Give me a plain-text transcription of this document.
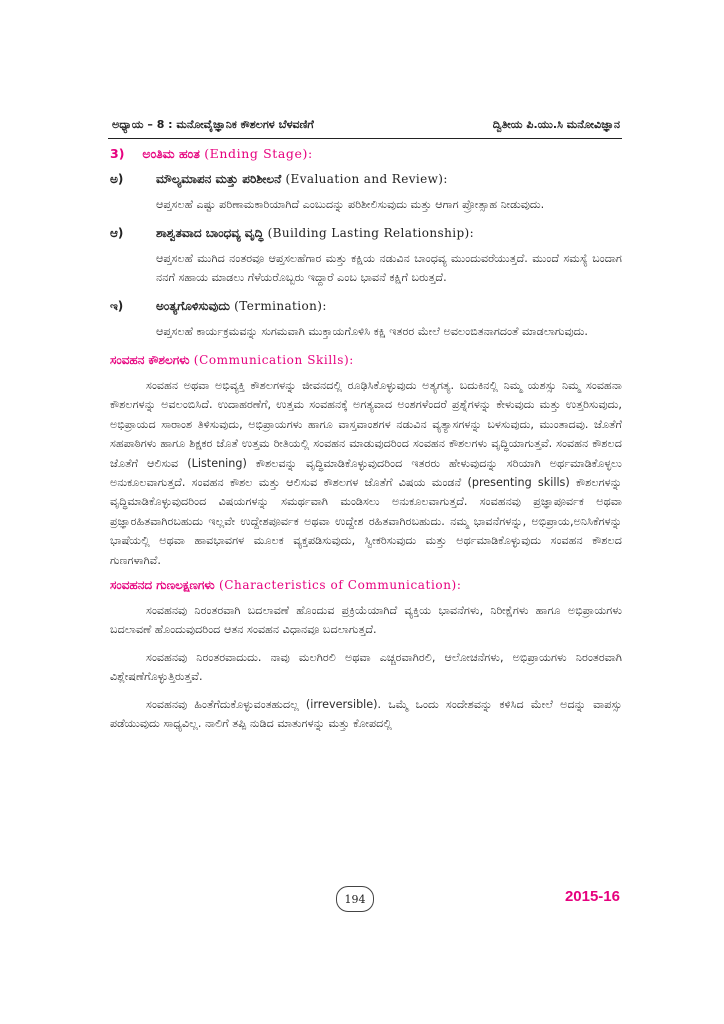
ಅಧ್ಯಾಯ – 8 : ಮನೋವೈಜ್ಞಾನಿಕ ಕೌಶಲಗಳ ಬೆಳವಣಿಗೆ	ದ್ವಿತೀಯ ಪಿ.ಯು.ಸಿ ಮನೋವಿಜ್ಞಾನ
3) ಅಂತಿಮ ಹಂತ (Ending Stage):
ಅ)	ಮೌಲ್ಯಮಾಪನ ಮತ್ತು ಪರಿಶೀಲನೆ (Evaluation and Review):
ಆಪ್ತಸಲಹೆ ಎಷ್ಟು ಪರಿಣಾಮಕಾರಿಯಾಗಿದೆ ಎಂಬುದನ್ನು ಪರಿಶೀಲಿಸುವುದು ಮತ್ತು ಆಗಾಗ ಪ್ರೋತ್ಸಾಹ ನೀಡುವುದು.
ಆ)	ಶಾಶ್ವತವಾದ ಬಾಂಧವ್ಯ ವೃದ್ಧಿ (Building Lasting Relationship):
ಆಪ್ತಸಲಹೆ ಮುಗಿದ ನಂತರವೂ ಆಪ್ತಸಲಹೆಗಾರ ಮತ್ತು ಕಕ್ಷಿಯ ನಡುವಿನ ಬಾಂಧವ್ಯ ಮುಂದುವರೆಯುತ್ತದೆ. ಮುಂದೆ ಸಮಸ್ಯೆ ಬಂದಾಗ ನನಗೆ ಸಹಾಯ ಮಾಡಲು ಗೆಳೆಯರೊಬ್ಬರು ಇದ್ದಾರೆ ಎಂಬ ಭಾವನೆ ಕಕ್ಷಿಗೆ ಬರುತ್ತದೆ.
ಇ)	ಅಂತ್ಯಗೊಳಿಸುವುದು (Termination):
ಆಪ್ತಸಲಹೆ ಕಾರ್ಯಕ್ರಮವನ್ನು ಸುಗಮವಾಗಿ ಮುಕ್ತಾಯಗೊಳಿಸಿ ಕಕ್ಷಿ ಇತರರ ಮೇಲೆ ಅವಲಂಬಿತನಾಗದಂತೆ ಮಾಡಲಾಗುವುದು.
ಸಂವಹನ ಕೌಶಲಗಳು (Communication Skills):

ಸಂವಹನ ಅಥವಾ ಅಭಿವ್ಯಕ್ತಿ ಕೌಶಲಗಳನ್ನು ಜೀವನದಲ್ಲಿ ರೂಢಿಸಿಕೊಳ್ಳುವುದು ಅತ್ಯಗತ್ಯ. ಬದುಕಿನಲ್ಲಿ ನಿಮ್ಮ ಯಶಸ್ಸು ನಿಮ್ಮ ಸಂವಹನಾ ಕೌಶಲಗಳನ್ನು ಅವಲಂಬಿಸಿದೆ. ಉದಾಹರಣೆಗೆ, ಉತ್ತಮ ಸಂವಹನಕ್ಕೆ ಅಗತ್ಯವಾದ ಅಂಶಗಳೆಂದರೆ ಪ್ರಶ್ನೆಗಳನ್ನು ಕೇಳುವುದು ಮತ್ತು ಉತ್ತರಿಸುವುದು, ಅಭಿಪ್ರಾಯದ ಸಾರಾಂಶ ತಿಳಿಸುವುದು, ಅಭಿಪ್ರಾಯಗಳು ಹಾಗೂ ವಾಸ್ತವಾಂಶಗಳ ನಡುವಿನ ವ್ಯತ್ಯಾಸಗಳನ್ನು ಬಳಸುವುದು, ಮುಂತಾದವು. ಜೊತೆಗೆ ಸಹಪಾಠಿಗಳು ಹಾಗೂ ಶಿಕ್ಷಕರ ಜೊತೆ ಉತ್ತಮ ರೀತಿಯಲ್ಲಿ ಸಂವಹನ ಮಾಡುವುದರಿಂದ ಸಂವಹನ ಕೌಶಲಗಳು ವೃದ್ಧಿಯಾಗುತ್ತವೆ. ಸಂವಹನ ಕೌಶಲದ ಜೊತೆಗೆ ಆಲಿಸುವ (Listening) ಕೌಶಲವನ್ನು ವೃದ್ಧಿಮಾಡಿಕೊಳ್ಳುವುದರಿಂದ ಇತರರು ಹೇಳುವುದನ್ನು ಸರಿಯಾಗಿ ಅರ್ಥಮಾಡಿಕೊಳ್ಳಲು ಅನುಕೂಲವಾಗುತ್ತದೆ. ಸಂವಹನ ಕೌಶಲ ಮತ್ತು ಆಲಿಸುವ ಕೌಶಲಗಳ ಜೊತೆಗೆ ವಿಷಯ ಮಂಡನೆ (presenting skills) ಕೌಶಲಗಳನ್ನು ವೃದ್ಧಿಮಾಡಿಕೊಳ್ಳುವುದರಿಂದ ವಿಷಯಗಳನ್ನು ಸಮರ್ಥವಾಗಿ ಮಂಡಿಸಲು ಅನುಕೂಲವಾಗುತ್ತದೆ. ಸಂವಹನವು ಪ್ರಜ್ಞಾಪೂರ್ವಕ ಅಥವಾ ಪ್ರಜ್ಞಾರಹಿತವಾಗಿರಬಹುದು ಇಲ್ಲವೇ ಉದ್ದೇಶಪೂರ್ವಕ ಅಥವಾ ಉದ್ದೇಶ ರಹಿತವಾಗಿರಬಹುದು. ನಮ್ಮ ಭಾವನೆಗಳನ್ನು, ಅಭಿಪ್ರಾಯ,ಅನಿಸಿಕೆಗಳನ್ನು ಭಾಷೆಯಲ್ಲಿ ಅಥವಾ ಹಾವಭಾವಗಳ ಮೂಲಕ ವ್ಯಕ್ತಪಡಿಸುವುದು, ಸ್ವೀಕರಿಸುವುದು ಮತ್ತು ಅರ್ಥಮಾಡಿಕೊಳ್ಳುವುದು ಸಂವಹನ ಕೌಶಲದ ಗುಣಗಳಾಗಿವೆ.

ಸಂವಹನದ ಗುಣಲಕ್ಷಣಗಳು (Characteristics of Communication):

ಸಂವಹನವು ನಿರಂತರವಾಗಿ ಬದಲಾವಣೆ ಹೊಂದುವ ಪ್ರಕ್ರಿಯೆಯಾಗಿದೆ ವ್ಯಕ್ತಿಯ ಭಾವನೆಗಳು, ನಿರೀಕ್ಷೆಗಳು ಹಾಗೂ ಅಭಿಪ್ರಾಯಗಳು ಬದಲಾವಣೆ ಹೊಂದುವುದರಿಂದ ಆತನ ಸಂವಹನ ವಿಧಾನವೂ ಬದಲಾಗುತ್ತದೆ.

ಸಂವಹನವು ನಿರಂತರವಾದುದು. ನಾವು ಮಲಗಿರಲಿ ಅಥವಾ ಎಚ್ಚರವಾಗಿರಲಿ, ಆಲೋಚನೆಗಳು, ಅಭಿಪ್ರಾಯಗಳು ನಿರಂತರವಾಗಿ ವಿಶ್ಲೇಷಣೆಗೊಳ್ಳುತ್ತಿರುತ್ತವೆ.

ಸಂವಹನವು ಹಿಂತೆಗೆದುಕೊಳ್ಳುವಂತಹುದಲ್ಲ (irreversible). ಒಮ್ಮೆ ಒಂದು ಸಂದೇಶವನ್ನು ಕಳಿಸಿದ ಮೇಲೆ ಅದನ್ನು ವಾಪಸ್ಸು ಪಡೆಯುವುದು ಸಾಧ್ಯವಿಲ್ಲ. ನಾಲಿಗೆ ತಪ್ಪಿ ನುಡಿದ ಮಾತುಗಳನ್ನು ಮತ್ತು ಕೋಪದಲ್ಲಿ

194	2015-16
